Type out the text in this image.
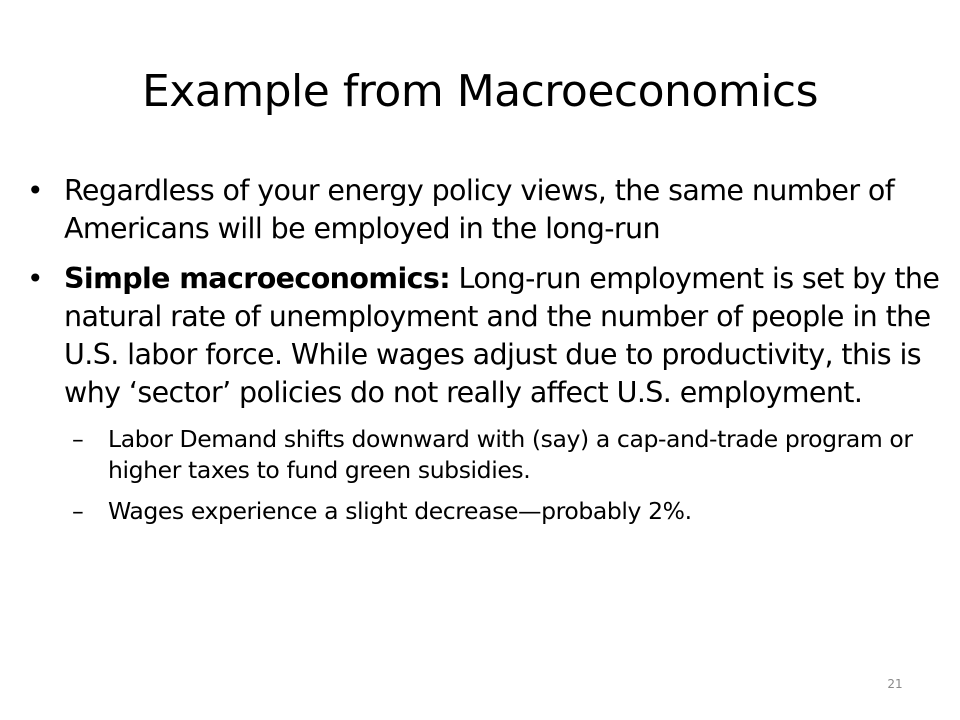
Example from Macroeconomics
• Regardless of your energy policy views, the same number of Americans will be employed in the long-run
• Simple macroeconomics: Long-run employment is set by the natural rate of unemployment and the number of people in the U.S. labor force. While wages adjust due to productivity, this is why ‘sector’ policies do not really affect U.S. employment.
– Labor Demand shifts downward with (say) a cap-and-trade program or higher taxes to fund green subsidies.
– Wages experience a slight decrease—probably 2%.
21
